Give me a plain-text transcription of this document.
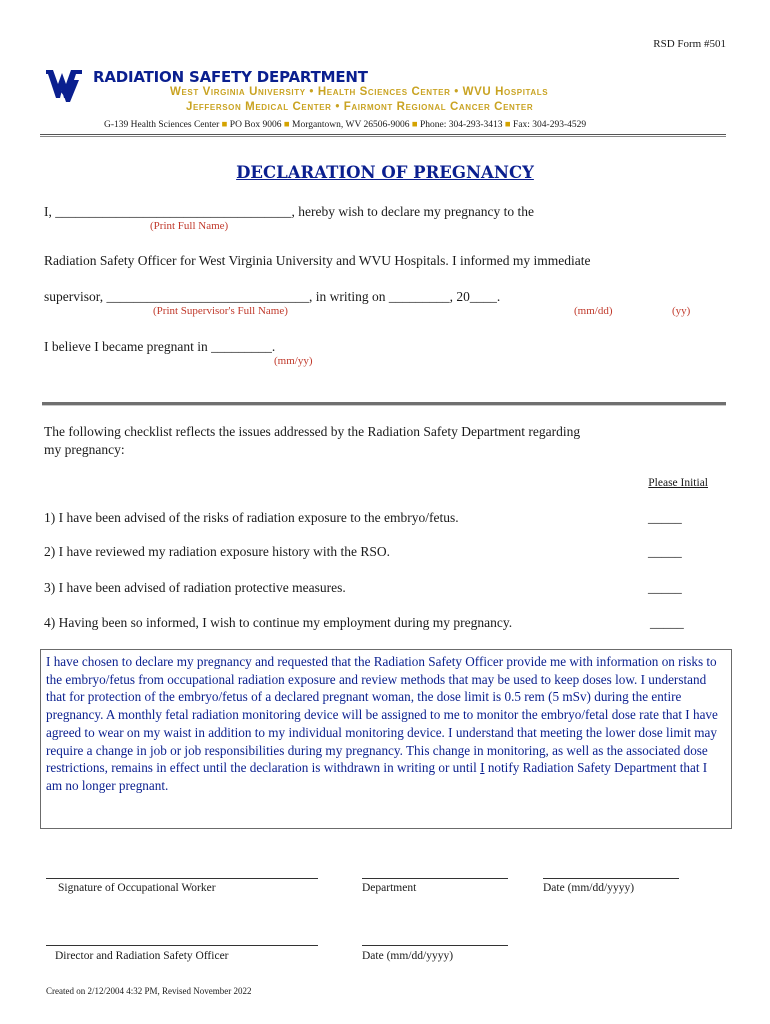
RSD Form #501
RADIATION SAFETY DEPARTMENT
West Virginia University • Health Sciences Center • WVU Hospitals
Jefferson Medical Center • Fairmont Regional Cancer Center
G-139 Health Sciences Center ■ PO Box 9006 ■ Morgantown, WV 26506-9006 ■ Phone: 304-293-3413 ■ Fax: 304-293-4529
DECLARATION OF PREGNANCY
I, ___________________________________, hereby wish to declare my pregnancy to the
(Print Full Name)
Radiation Safety Officer for West Virginia University and WVU Hospitals. I informed my immediate
supervisor, ______________________________, in writing on _________, 20____.
(Print Supervisor's Full Name)	(mm/dd)	(yy)
I believe I became pregnant in _________.
(mm/yy)
The following checklist reflects the issues addressed by the Radiation Safety Department regarding
my pregnancy:
Please Initial
1) I have been advised of the risks of radiation exposure to the embryo/fetus.	_____
2) I have reviewed my radiation exposure history with the RSO.	_____
3) I have been advised of radiation protective measures.	_____
4) Having been so informed, I wish to continue my employment during my pregnancy.	_____
I have chosen to declare my pregnancy and requested that the Radiation Safety Officer provide me with information on risks to the embryo/fetus from occupational radiation exposure and review methods that may be used to keep doses low. I understand that for protection of the embryo/fetus of a declared pregnant woman, the dose limit is 0.5 rem (5 mSv) during the entire pregnancy. A monthly fetal radiation monitoring device will be assigned to me to monitor the embryo/fetal dose rate that I have agreed to wear on my waist in addition to my individual monitoring device. I understand that meeting the lower dose limit may require a change in job or job responsibilities during my pregnancy. This change in monitoring, as well as the associated dose restrictions, remains in effect until the declaration is withdrawn in writing or until I notify Radiation Safety Department that I am no longer pregnant.
Signature of Occupational Worker	Department	Date (mm/dd/yyyy)
Director and Radiation Safety Officer	Date (mm/dd/yyyy)
Created on 2/12/2004 4:32 PM, Revised November 2022
